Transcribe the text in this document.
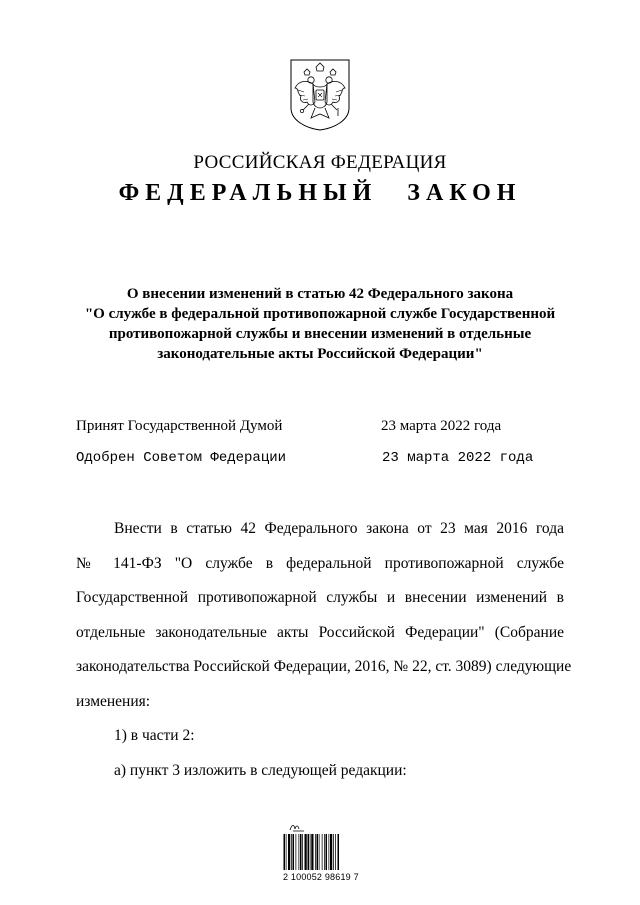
РОССИЙСКАЯ ФЕДЕРАЦИЯ
ФЕДЕРАЛЬНЫЙ ЗАКОН
О внесении изменений в статью 42 Федерального закона
"О службе в федеральной противопожарной службе Государственной
противопожарной службы и внесении изменений в отдельные
законодательные акты Российской Федерации"
Принят Государственной Думой	23 марта 2022 года
Одобрен Советом Федерации	23 марта 2022 года
Внести в статью 42 Федерального закона от 23 мая 2016 года
№ 141-ФЗ "О службе в федеральной противопожарной службе
Государственной противопожарной службы и внесении изменений в
отдельные законодательные акты Российской Федерации" (Собрание
законодательства Российской Федерации, 2016, № 22, ст. 3089) следующие
изменения:
1) в части 2:
а) пункт 3 изложить в следующей редакции:
2 100052 98619 7
